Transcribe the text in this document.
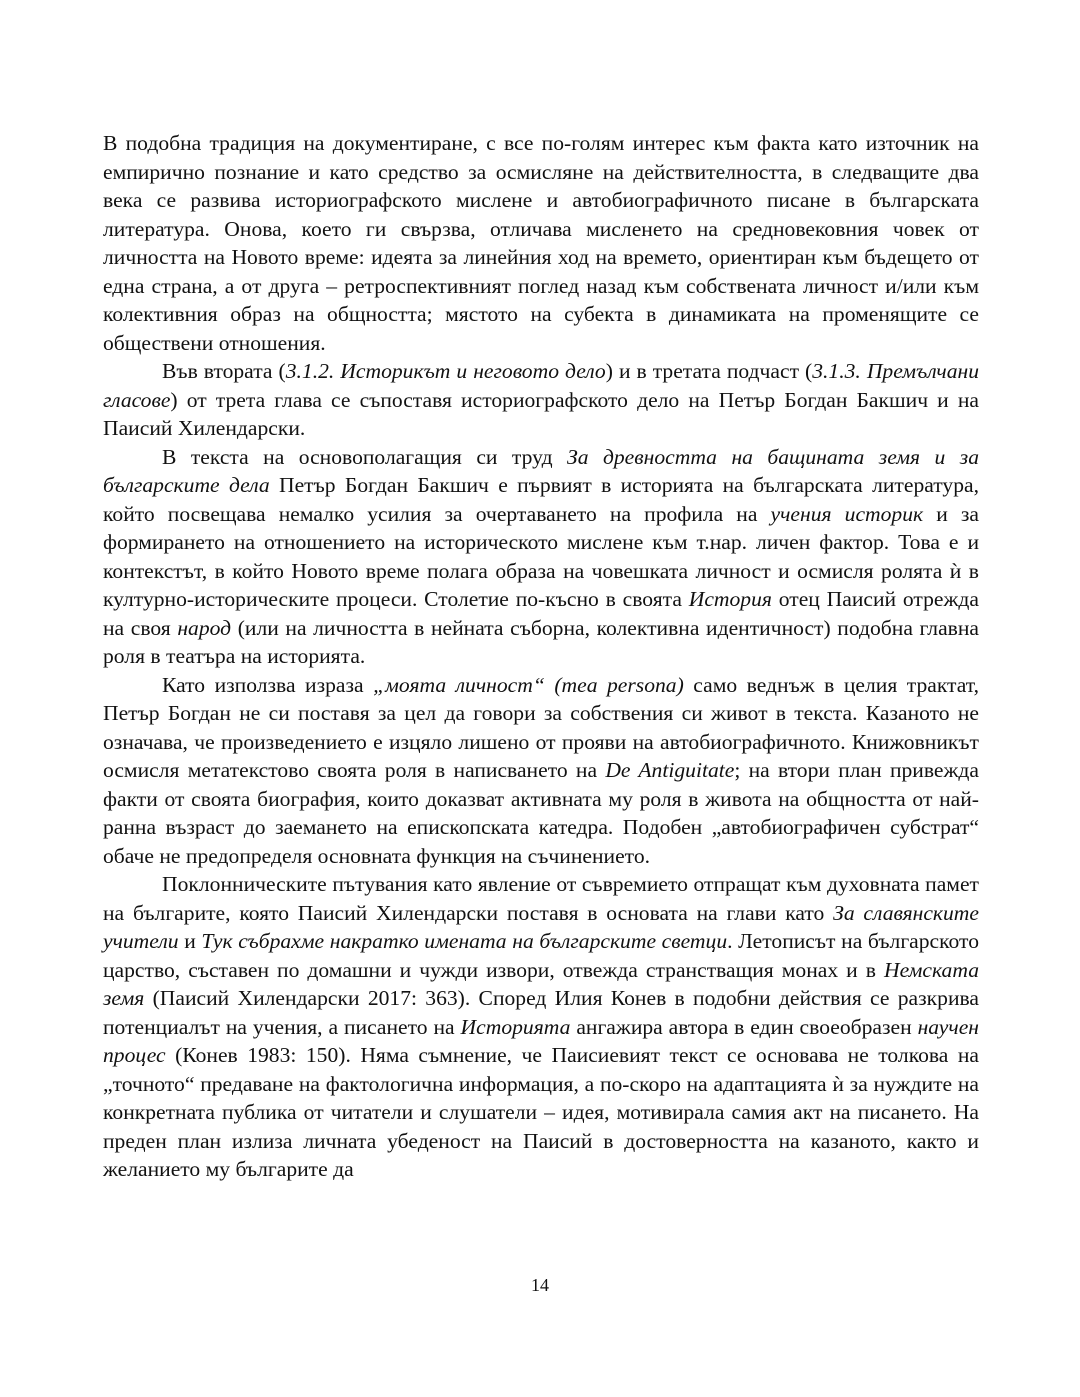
В подобна традиция на документиране, с все по-голям интерес към факта като източник на емпирично познание и като средство за осмисляне на действителността, в следващите два века се развива историографското мислене и автобиографичното писане в българската литература. Онова, което ги свързва, отличава мисленето на средновековния човек от личността на Новото време: идеята за линейния ход на времето, ориентиран към бъдещето от една страна, а от друга – ретроспективният поглед назад към собствената личност и/или към колективния образ на общността; мястото на субекта в динамиката на променящите се обществени отношения.

Във втората (3.1.2. Историкът и неговото дело) и в третата подчаст (3.1.3. Премълчани гласове) от трета глава се съпоставя историографското дело на Петър Богдан Бакшич и на Паисий Хилендарски.

В текста на основополагащия си труд За древността на бащината земя и за българските дела Петър Богдан Бакшич е първият в историята на българската литература, който посвещава немалко усилия за очертаването на профила на учения историк и за формирането на отношението на историческото мислене към т.нар. личен фактор. Това е и контекстът, в който Новото време полага образа на човешката личност и осмисля ролята ѝ в културно-историческите процеси. Столетие по-късно в своята История отец Паисий отрежда на своя народ (или на личността в нейната съборна, колективна идентичност) подобна главна роля в театъра на историята.

Като използва израза „моята личност“ (mea persona) само веднъж в целия трактат, Петър Богдан не си поставя за цел да говори за собствения си живот в текста. Казаното не означава, че произведението е изцяло лишено от прояви на автобиографичното. Книжовникът осмисля метатекстово своята роля в написването на De Antiguitate; на втори план привежда факти от своята биография, които доказват активната му роля в живота на общността от най-ранна възраст до заемането на епископската катедра. Подобен „автобиографичен субстрат“ обаче не предопределя основната функция на съчинението.

Поклонническите пътувания като явление от съвремието отпращат към духовната памет на българите, която Паисий Хилендарски поставя в основата на глави като За славянските учители и Тук събрахме накратко имената на българските светци. Летописът на българското царство, съставен по домашни и чужди извори, отвежда странстващия монах и в Немската земя (Паисий Хилендарски 2017: 363). Според Илия Конев в подобни действия се разкрива потенциалът на учения, а писането на Историята ангажира автора в един своеобразен научен процес (Конев 1983: 150). Няма съмнение, че Паисиевият текст се основава не толкова на „точното“ предаване на фактологична информация, а по-скоро на адаптацията ѝ за нуждите на конкретната публика от читатели и слушатели – идея, мотивирала самия акт на писането. На преден план излиза личната убеденост на Паисий в достоверността на казаното, както и желанието му българите да

14
